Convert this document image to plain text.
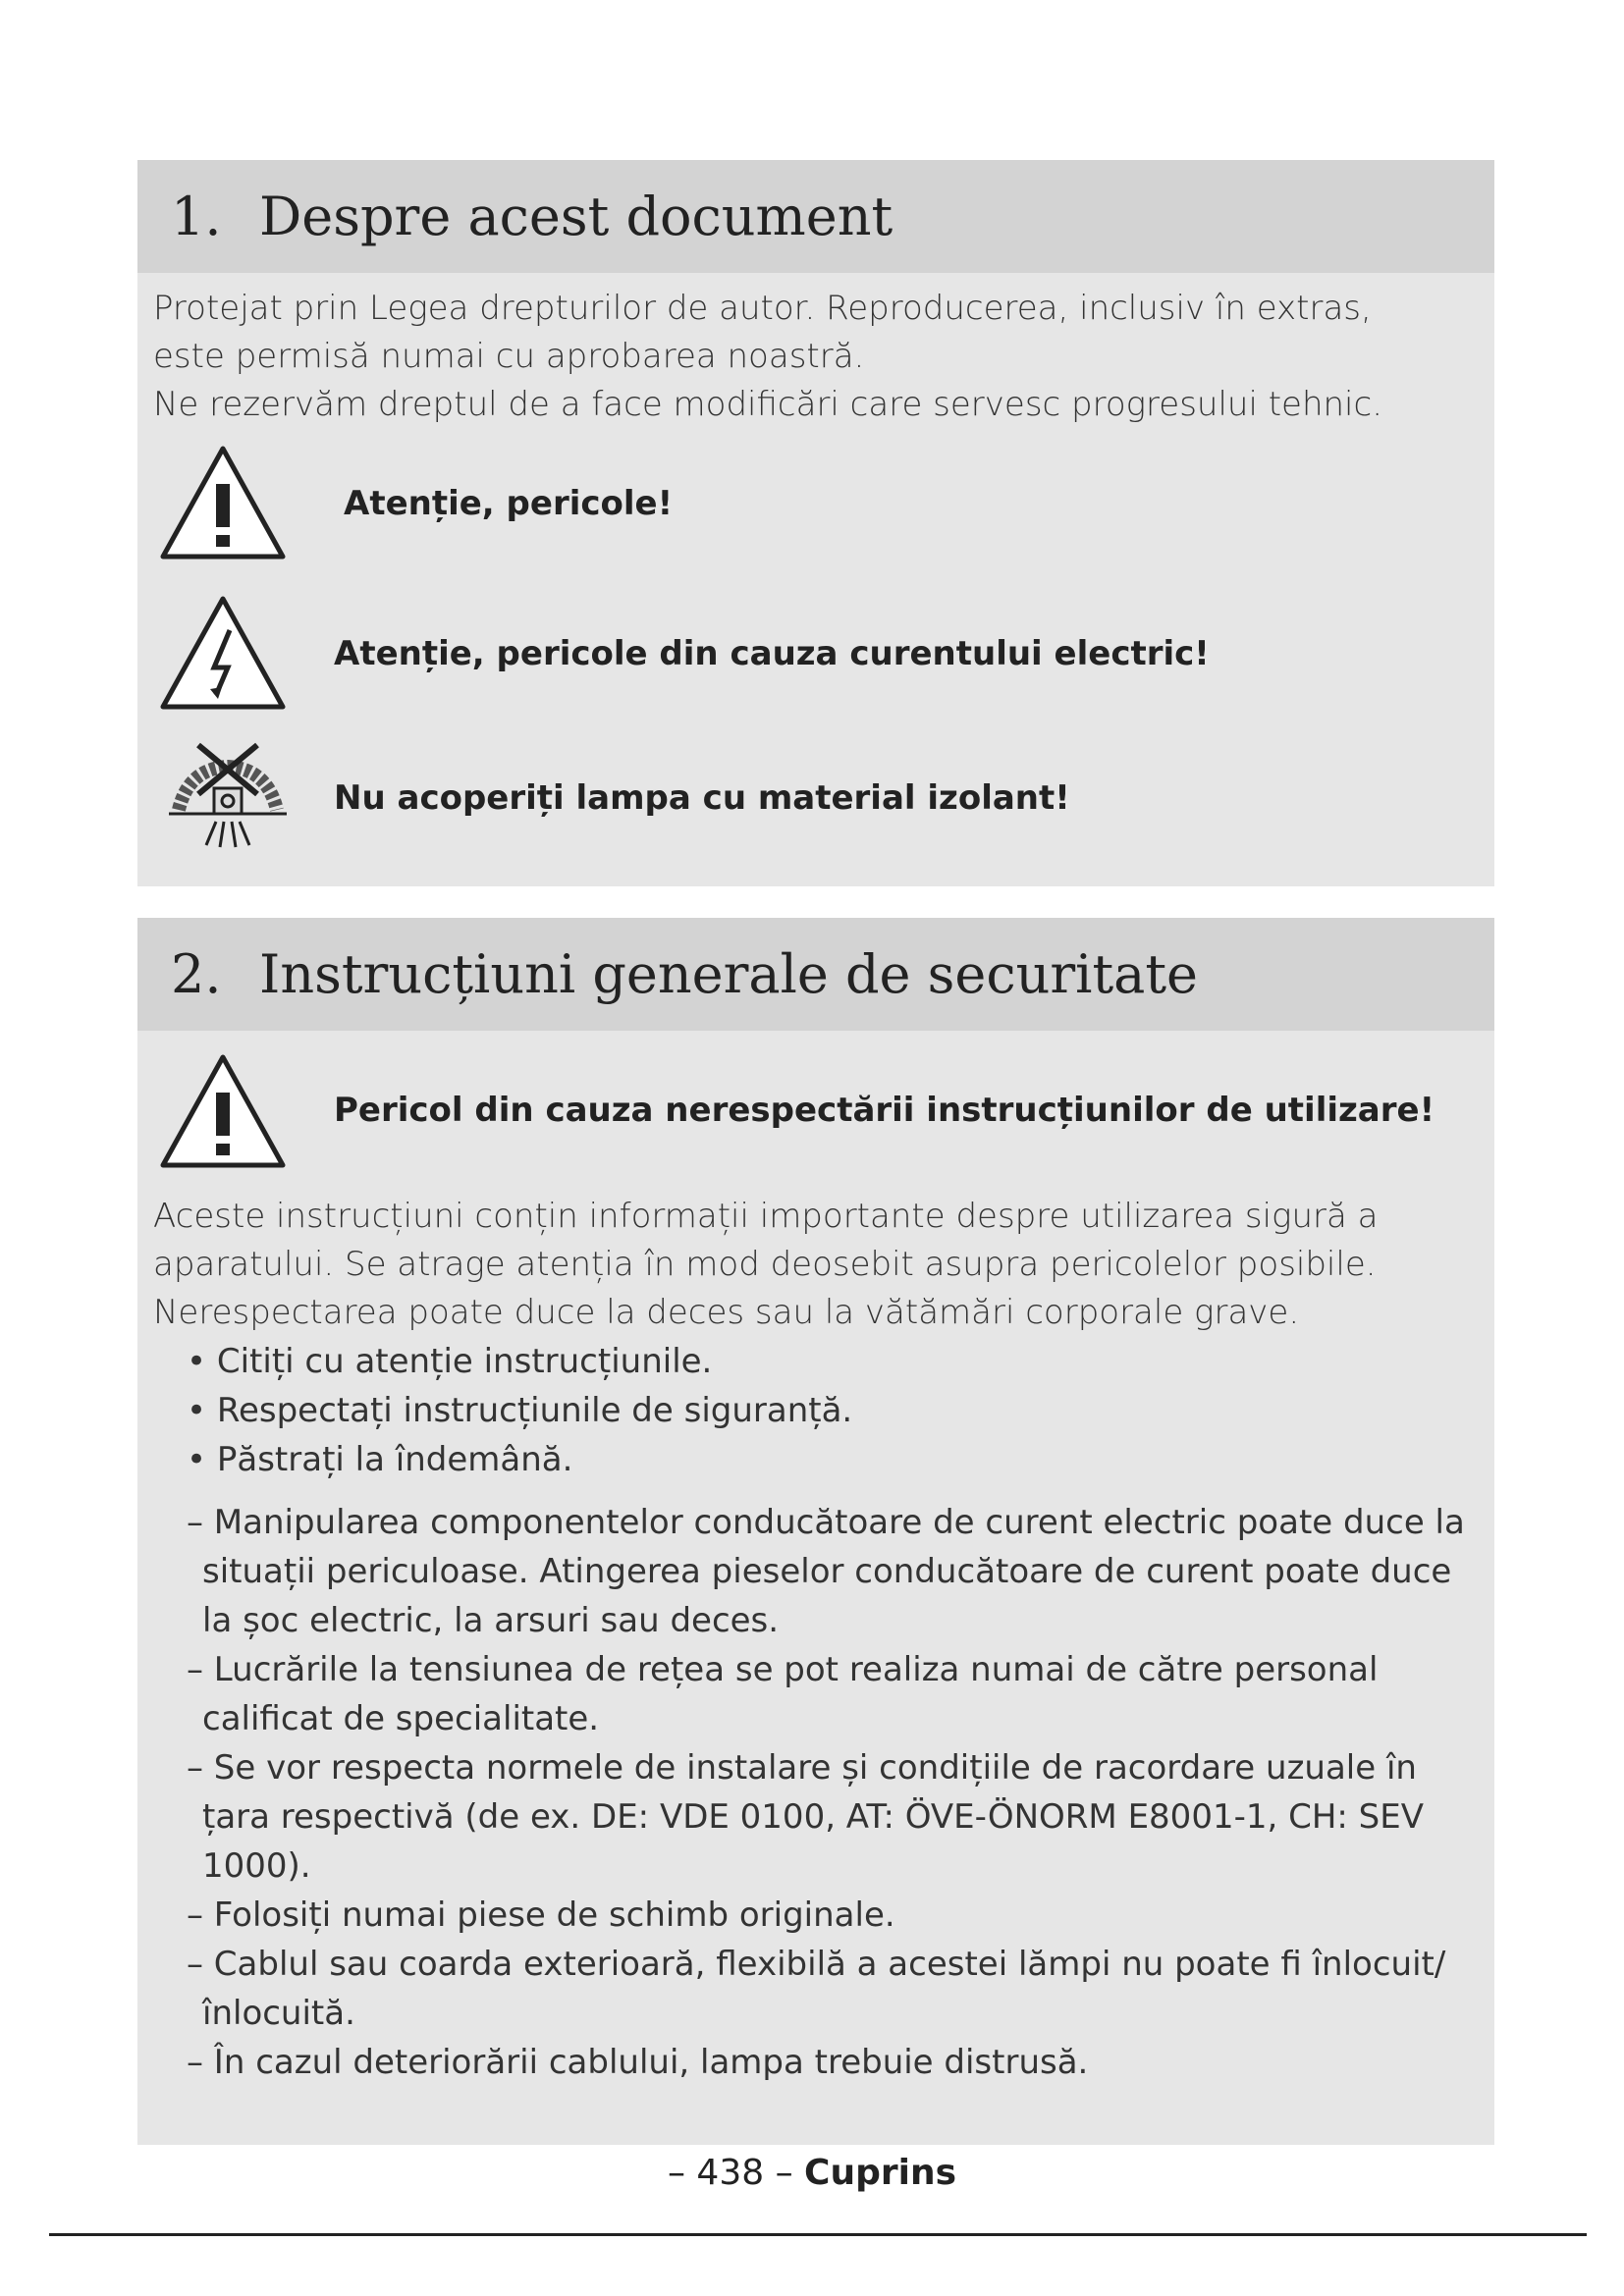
1. Despre acest document

Protejat prin Legea drepturilor de autor. Reproducerea, inclusiv în extras,

este permisă numai cu aprobarea noastră.

Ne rezervăm dreptul de a face modificări care servesc progresului tehnic.

Atenție, pericole!
Atenție, pericole din cauza curentului electric!
Nu acoperiți lampa cu material izolant!
2. Instrucțiuni generale de securitate
Pericol din cauza nerespectării instrucțiunilor de utilizare!

Aceste instrucțiuni conțin informații importante despre utilizarea sigură a

aparatului. Se atrage atenția în mod deosebit asupra pericolelor posibile.

Nerespectarea poate duce la deces sau la vătămări corporale grave.

• Citiți cu atenție instrucțiunile.
• Respectați instrucțiunile de siguranță.
• Păstrați la îndemână.
– Manipularea componentelor conducătoare de curent electric poate duce la situații periculoase. Atingerea pieselor conducătoare de curent poate duce la șoc electric, la arsuri sau deces.
– Lucrările la tensiunea de rețea se pot realiza numai de către personal calificat de specialitate.
– Se vor respecta normele de instalare și condițiile de racordare uzuale în țara respectivă (de ex. DE: VDE 0100, AT: ÖVE-ÖNORM E8001-1, CH: SEV 1000).
– Folosiți numai piese de schimb originale.
– Cablul sau coarda exterioară, flexibilă a acestei lămpi nu poate fi înlocuit/înlocuită.
– În cazul deteriorării cablului, lampa trebuie distrusă.
– 438 – Cuprins
